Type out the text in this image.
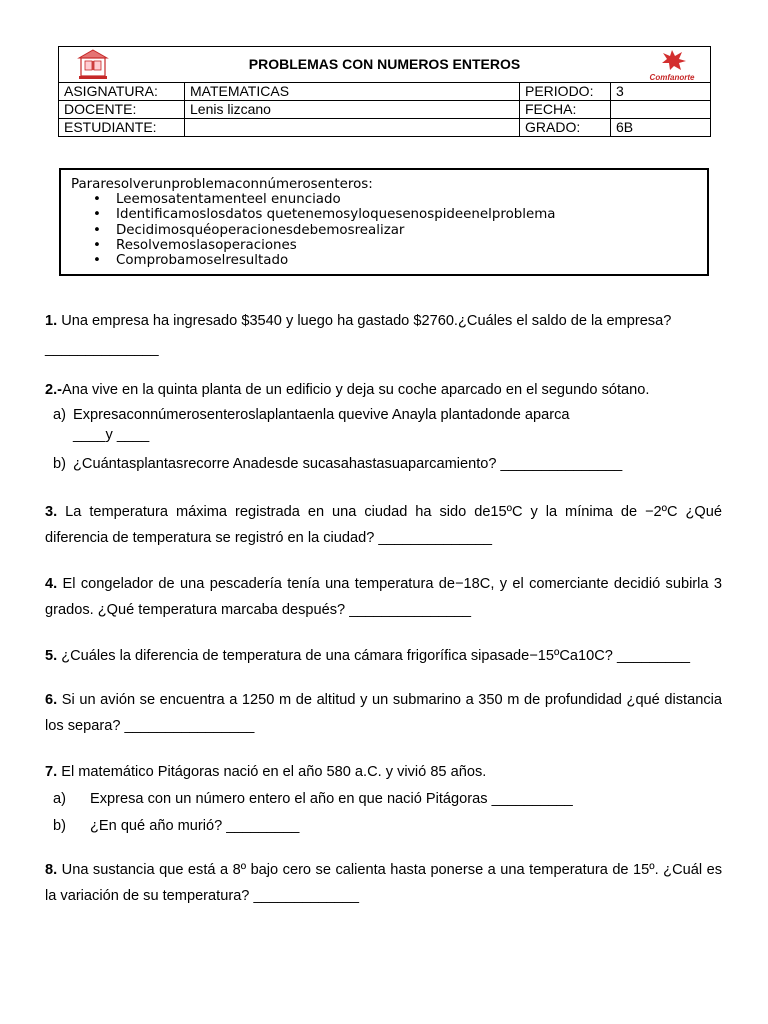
PROBLEMAS CON NUMEROS ENTEROS
Comfanorte			

ASIGNATURA:	MATEMATICAS	PERIODO:	3
DOCENTE:	Lenis lizcano	FECHA:	
ESTUDIANTE:		GRADO:	6B
Pararesolverunproblemaconnúmerosenteros:
• Leemosatentamenteel enunciado
• Identificamoslosdatos quetenemosyloquesenospideenelproblema
• Decidimosquéoperacionesdebemosrealizar
• Resolvemoslasoperaciones
• Comprobamoselresultado
1. Una empresa ha ingresado $3540 y luego ha gastado $2760.¿Cuáles el saldo de la empresa?
______________
2.-Ana vive en la quinta planta de un edificio y deja su coche aparcado en el segundo sótano.
a) Expresaconnúmerosenteroslaplantaenla quevive Anayla plantadonde aparca
____y ____
b) ¿Cuántasplantasrecorre Anadesde sucasahastasuaparcamiento? _______________
3. La temperatura máxima registrada en una ciudad ha sido de15ºC y la mínima de −2ºC ¿Qué diferencia de temperatura se registró en la ciudad? ______________
4. El congelador de una pescadería tenía una temperatura de−18C, y el comerciante decidió subirla 3 grados. ¿Qué temperatura marcaba después? _______________
5. ¿Cuáles la diferencia de temperatura de una cámara frigorífica sipasade−15ºCa10C? _________
6. Si un avión se encuentra a 1250 m de altitud y un submarino a 350 m de profundidad ¿qué distancia los separa? ________________
7. El matemático Pitágoras nació en el año 580 a.C. y vivió 85 años.
a) Expresa con un número entero el año en que nació Pitágoras __________
b) ¿En qué año murió? _________
8. Una sustancia que está a 8º bajo cero se calienta hasta ponerse a una temperatura de 15º. ¿Cuál es la variación de su temperatura? _____________
